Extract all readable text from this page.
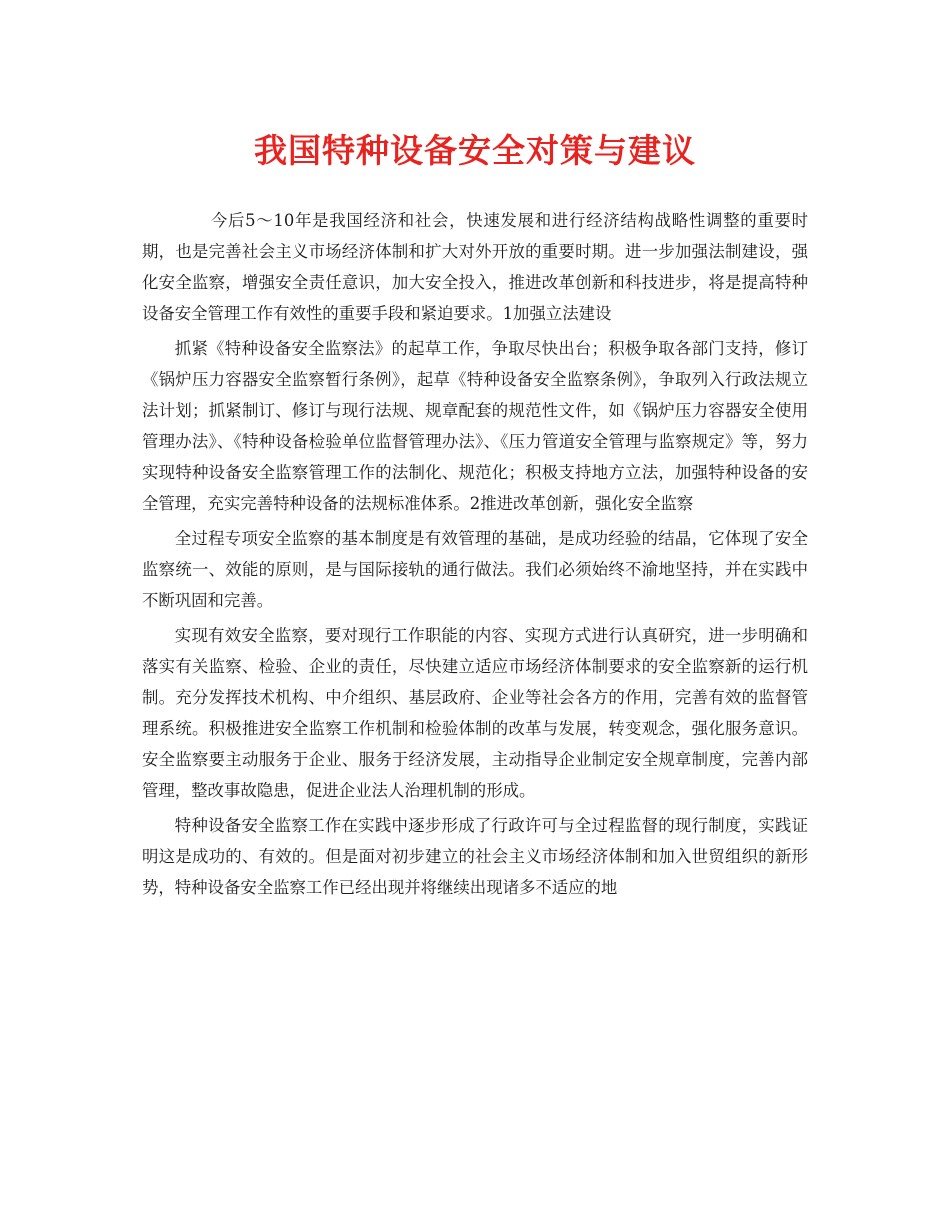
我国特种设备安全对策与建议

今后5～10年是我国经济和社会，快速发展和进行经济结构战略性调整的重要时期，也是完善社会主义市场经济体制和扩大对外开放的重要时期。进一步加强法制建设，强化安全监察，增强安全责任意识，加大安全投入，推进改革创新和科技进步，将是提高特种设备安全管理工作有效性的重要手段和紧迫要求。1加强立法建设

抓紧《特种设备安全监察法》的起草工作，争取尽快出台；积极争取各部门支持，修订《锅炉压力容器安全监察暂行条例》，起草《特种设备安全监察条例》，争取列入行政法规立法计划；抓紧制订、修订与现行法规、规章配套的规范性文件，如《锅炉压力容器安全使用管理办法》、《特种设备检验单位监督管理办法》、《压力管道安全管理与监察规定》等，努力实现特种设备安全监察管理工作的法制化、规范化；积极支持地方立法，加强特种设备的安全管理，充实完善特种设备的法规标准体系。2推进改革创新，强化安全监察

全过程专项安全监察的基本制度是有效管理的基础，是成功经验的结晶，它体现了安全监察统一、效能的原则，是与国际接轨的通行做法。我们必须始终不渝地坚持，并在实践中不断巩固和完善。

实现有效安全监察，要对现行工作职能的内容、实现方式进行认真研究，进一步明确和落实有关监察、检验、企业的责任，尽快建立适应市场经济体制要求的安全监察新的运行机制。充分发挥技术机构、中介组织、基层政府、企业等社会各方的作用，完善有效的监督管理系统。积极推进安全监察工作机制和检验体制的改革与发展，转变观念，强化服务意识。安全监察要主动服务于企业、服务于经济发展，主动指导企业制定安全规章制度，完善内部管理，整改事故隐患，促进企业法人治理机制的形成。

特种设备安全监察工作在实践中逐步形成了行政许可与全过程监督的现行制度，实践证明这是成功的、有效的。但是面对初步建立的社会主义市场经济体制和加入世贸组织的新形势，特种设备安全监察工作已经出现并将继续出现诸多不适应的地
